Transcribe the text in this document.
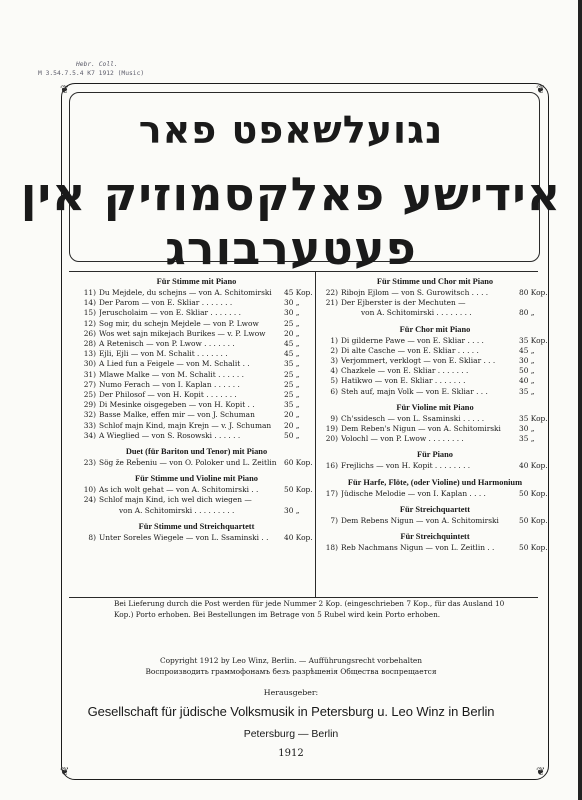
Hebr. Coll.
M 3.54.7.5.4 K7 1912 (Music)
❦	❦
❦	❦
נגועלשאפט פאר
אידישע פאלקסמוזיק אין פעטערבורג
Für Stimme mit Piano
11) Du Mejdele, du schejns — von A. Schitomirski	45 Kop.
14) Der Parom — von E. Skliar . . . . . . .	30 „
15) Jeruscholaim — von E. Skliar . . . . . . .	30 „
12) Sog mir, du schejn Mejdele — von P. Lwow	25 „
26) Wos wet sajn mikejach Burikes — v. P. Lwow	20 „
28) A Retenisch — von P. Lwow . . . . . . .	45 „
13) Ejli, Ejli — von M. Schalit . . . . . . .	45 „
30) A Lied fun a Feigele — von M. Schalit . .	35 „
31) Mlawe Malke — von M. Schalit . . . . . .	25 „
27) Numo Ferach — von I. Kaplan . . . . . .	25 „
25) Der Philosof — von H. Kopit . . . . . . .	25 „
29) Di Mesinke oisgegeben — von H. Kopit . .	35 „
32) Basse Malke, effen mir — von J. Schuman	20 „
33) Schlof majn Kind, majn Krejn — v. J. Schuman	20 „
34) A Wieglied — von S. Rosowski . . . . . .	50 „
Duet (für Bariton und Tenor) mit Piano
23) Sög že Reb̃eniu — von O. Poloker und L. Zeitlin	60 Kop.
Für Stimme und Violine mit Piano
10) As ich wolt gehat — von A. Schitomirski . .	50 Kop.
24) Schlof majn Kind, ich wel dich wiegen —
von A. Schitomirski . . . . . . . . .	30 „
Für Stimme und Streichquartett
8) Unter Soreles Wiegele — von L. Ssaminski . .	40 Kop.
Für Stimme und Chor mit Piano
22) Ribojn Ejlom — von S. Gurowitsch . . . .	80 Kop.
21) Der Ejberster is der Mechuten —
von A. Schitomirski . . . . . . . .	80 „
Für Chor mit Piano
1) Di gilderne Pawe — von E. Skliar . . . .	35 Kop.
2) Di alte Casche — von E. Skliar . . . . .	45 „
3) Verjommert, verklogt — von E. Skliar . . .	30 „
4) Chazkele — von E. Skliar . . . . . . .	50 „
5) Hatikwo — von E. Skliar . . . . . . .	40 „
6) Steh auf, majn Volk — von E. Skliar . . .	35 „
Für Violine mit Piano
9) Ch'ssidesch — von L. Ssaminski . . . . .	35 Kop.
19) Dem Reben's Nigun — von A. Schitomirski	30 „
20) Volochl — von P. Lwow . . . . . . . .	35 „
Für Piano
16) Frejlichs — von H. Kopit . . . . . . . .	40 Kop.
Für Harfe, Flöte, (oder Violine) und Harmonium
17) Jüdische Melodie — von I. Kaplan . . . .	50 Kop.
Für Streichquartett
7) Dem Rebens Nigun — von A. Schitomirski	50 Kop.
Für Streichquintett
18) Reb Nachmans Nigun — von L. Zeitlin . .	50 Kop.
Bei Lieferung durch die Post werden für jede Nummer 2 Kop. (eingeschrieben 7 Kop., für das Ausland 10 Kop.) Porto erhoben. Bei Bestellungen im Betrage von 5 Rubel wird kein Porto erhoben.
Copyright 1912 by Leo Winz, Berlin. — Aufführungsrecht vorbehalten
Воспроизводить граммофонамъ безъ разрѣшенія Общества воспрещается
Herausgeber:
Gesellschaft für jüdische Volksmusik in Petersburg u. Leo Winz in Berlin
Petersburg — Berlin
1912
